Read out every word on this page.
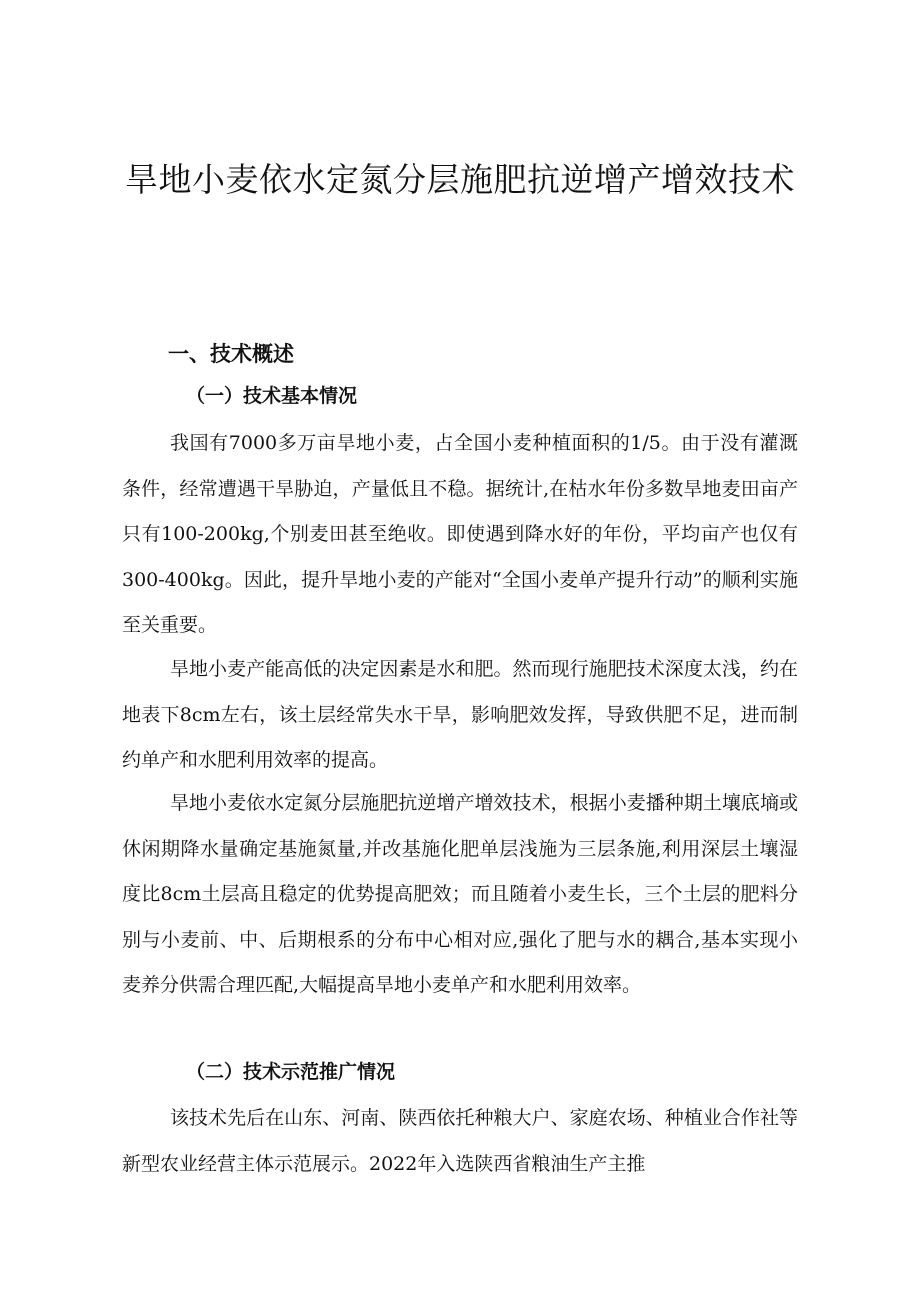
旱地小麦依水定氮分层施肥抗逆增产增效技术
一、技术概述
（一）技术基本情况

我国有7000多万亩旱地小麦，占全国小麦种植面积的1/5。由于没有灌溉条件，经常遭遇干旱胁迫，产量低且不稳。据统计,在枯水年份多数旱地麦田亩产只有100-200kg,个别麦田甚至绝收。即使遇到降水好的年份，平均亩产也仅有300-400kg。因此，提升旱地小麦的产能对“全国小麦单产提升行动”的顺利实施至关重要。

旱地小麦产能高低的决定因素是水和肥。然而现行施肥技术深度太浅，约在地表下8cm左右，该土层经常失水干旱，影响肥效发挥，导致供肥不足，进而制约单产和水肥利用效率的提高。

旱地小麦依水定氮分层施肥抗逆增产增效技术，根据小麦播种期土壤底墒或休闲期降水量确定基施氮量,并改基施化肥单层浅施为三层条施,利用深层土壤湿度比8cm土层高且稳定的优势提高肥效；而且随着小麦生长，三个土层的肥料分别与小麦前、中、后期根系的分布中心相对应,强化了肥与水的耦合,基本实现小麦养分供需合理匹配,大幅提高旱地小麦单产和水肥利用效率。

（二）技术示范推广情况

该技术先后在山东、河南、陕西依托种粮大户、家庭农场、种植业合作社等新型农业经营主体示范展示。2022年入选陕西省粮油生产主推
